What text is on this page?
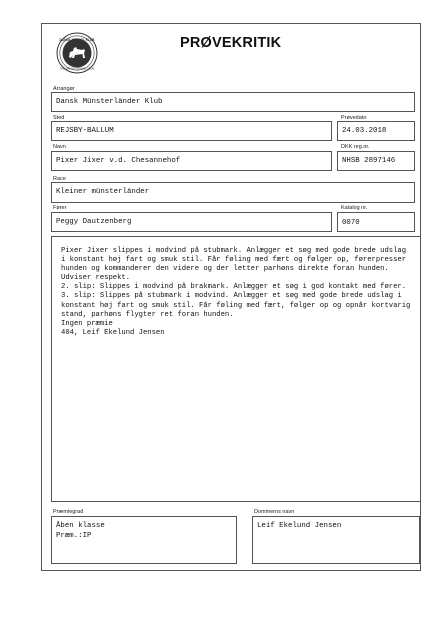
DANSK KENNEL KLUB
THE DANISH KENNEL CLUB
PRØVEKRITIK
Arrangør
Dansk Münsterländer Klub
Sted
REJSBY-BALLUM
Prøvedato
24.03.2018
Navn
Pixer Jixer v.d. Chesannehof
DKK reg.nr.
NHSB 2897146
Race
Kleiner münsterländer
Fører
Peggy Dautzenberg
Katalog nr.
0070

Pixer Jixer slippes i modvind på stubmark. Anlægger et søg med gode brede udslag i konstant høj fart og smuk stil. Får føling med fært og følger op, førerpresser hunden og kommanderer den videre og der letter parhøns direkte foran hunden. Udviser respekt.

2. slip: Slippes i modvind på brakmark. Anlægger et søg i god kontakt med fører.

3. slip: Slippes på stubmark i modvind. Anlægger et søg med gode brede udslag i konstant høj fart og smuk stil. Får føling med fært, følger op og opnår kortvarig stand, parhøns flygter ret foran hunden.

Ingen præmie

404, Leif Ekelund Jensen

Præmiegrad
Åben klasse
Præm.:IP
Dommerns navn
Leif Ekelund Jensen
